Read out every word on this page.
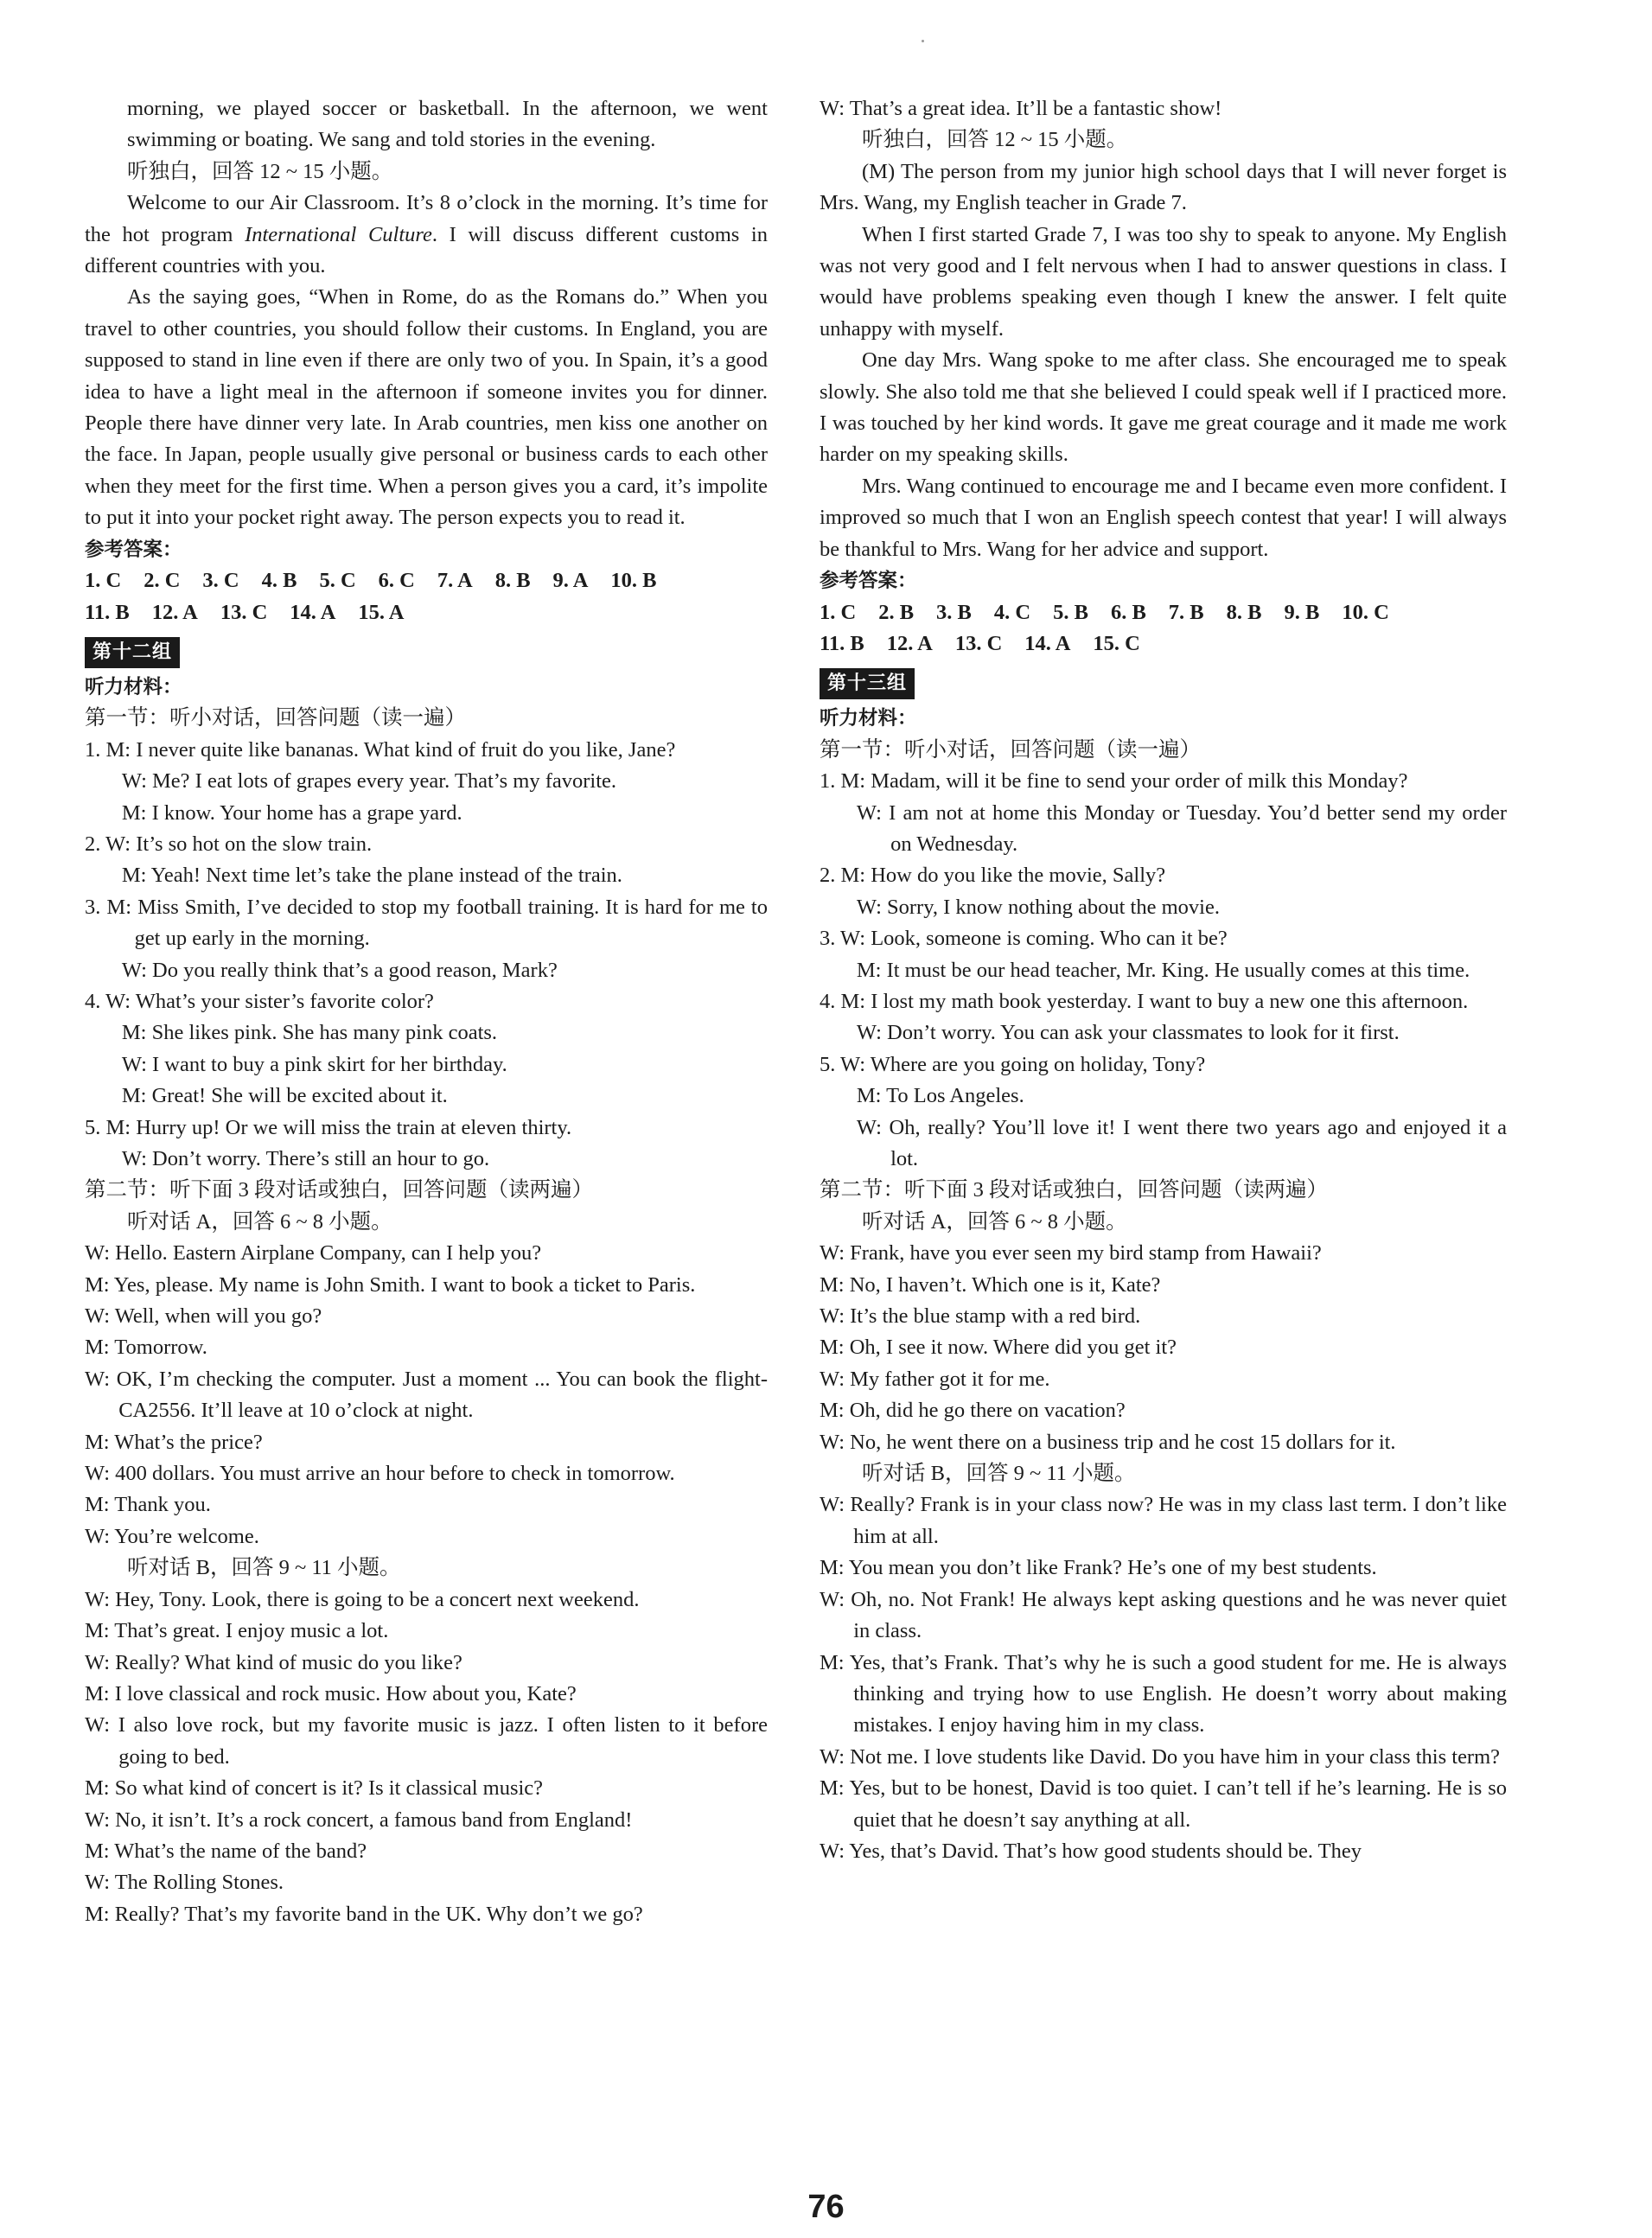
morning, we played soccer or basketball. In the afternoon, we went swimming or boating. We sang and told stories in the evening.

听独白，回答 12 ~ 15 小题。

Welcome to our Air Classroom. It’s 8 o’clock in the morning. It’s time for the hot program International Culture. I will discuss different customs in different countries with you.

As the saying goes, “When in Rome, do as the Romans do.” When you travel to other countries, you should follow their customs. In England, you are supposed to stand in line even if there are only two of you. In Spain, it’s a good idea to have a light meal in the afternoon if someone invites you for dinner. People there have dinner very late. In Arab countries, men kiss one another on the face. In Japan, people usually give personal or business cards to each other when they meet for the first time. When a person gives you a card, it’s impolite to put it into your pocket right away. The person expects you to read it.

参考答案：

1. C 2. C 3. C 4. B 5. C 6. C 7. A 8. B 9. A 10. B
11. B 12. A 13. C 14. A 15. A
第十二组

听力材料：

第一节：听小对话，回答问题（读一遍）

1. M: I never quite like bananas. What kind of fruit do you like, Jane?

W: Me? I eat lots of grapes every year. That’s my favorite.

M: I know. Your home has a grape yard.

2. W: It’s so hot on the slow train.

M: Yeah! Next time let’s take the plane instead of the train.

3. M: Miss Smith, I’ve decided to stop my football training. It is hard for me to get up early in the morning.

W: Do you really think that’s a good reason, Mark?

4. W: What’s your sister’s favorite color?

M: She likes pink. She has many pink coats.

W: I want to buy a pink skirt for her birthday.

M: Great! She will be excited about it.

5. M: Hurry up! Or we will miss the train at eleven thirty.

W: Don’t worry. There’s still an hour to go.

第二节：听下面 3 段对话或独白，回答问题（读两遍）

听对话 A，回答 6 ~ 8 小题。

W: Hello. Eastern Airplane Company, can I help you?

M: Yes, please. My name is John Smith. I want to book a ticket to Paris.

W: Well, when will you go?

M: Tomorrow.

W: OK, I’m checking the computer. Just a moment ... You can book the flight-CA2556. It’ll leave at 10 o’clock at night.

M: What’s the price?

W: 400 dollars. You must arrive an hour before to check in tomorrow.

M: Thank you.

W: You’re welcome.

听对话 B，回答 9 ~ 11 小题。

W: Hey, Tony. Look, there is going to be a concert next weekend.

M: That’s great. I enjoy music a lot.

W: Really? What kind of music do you like?

M: I love classical and rock music. How about you, Kate?

W: I also love rock, but my favorite music is jazz. I often listen to it before going to bed.

M: So what kind of concert is it? Is it classical music?

W: No, it isn’t. It’s a rock concert, a famous band from England!

M: What’s the name of the band?

W: The Rolling Stones.

M: Really? That’s my favorite band in the UK. Why don’t we go?

W: That’s a great idea. It’ll be a fantastic show!

听独白，回答 12 ~ 15 小题。

(M) The person from my junior high school days that I will never forget is Mrs. Wang, my English teacher in Grade 7.

When I first started Grade 7, I was too shy to speak to anyone. My English was not very good and I felt nervous when I had to answer questions in class. I would have problems speaking even though I knew the answer. I felt quite unhappy with myself.

One day Mrs. Wang spoke to me after class. She encouraged me to speak slowly. She also told me that she believed I could speak well if I practiced more. I was touched by her kind words. It gave me great courage and it made me work harder on my speaking skills.

Mrs. Wang continued to encourage me and I became even more confident. I improved so much that I won an English speech contest that year! I will always be thankful to Mrs. Wang for her advice and support.

参考答案：

1. C 2. B 3. B 4. C 5. B 6. B 7. B 8. B 9. B 10. C
11. B 12. A 13. C 14. A 15. C
第十三组

听力材料：

第一节：听小对话，回答问题（读一遍）

1. M: Madam, will it be fine to send your order of milk this Monday?

W: I am not at home this Monday or Tuesday. You’d better send my order on Wednesday.

2. M: How do you like the movie, Sally?

W: Sorry, I know nothing about the movie.

3. W: Look, someone is coming. Who can it be?

M: It must be our head teacher, Mr. King. He usually comes at this time.

4. M: I lost my math book yesterday. I want to buy a new one this afternoon.

W: Don’t worry. You can ask your classmates to look for it first.

5. W: Where are you going on holiday, Tony?

M: To Los Angeles.

W: Oh, really? You’ll love it! I went there two years ago and enjoyed it a lot.

第二节：听下面 3 段对话或独白，回答问题（读两遍）

听对话 A，回答 6 ~ 8 小题。

W: Frank, have you ever seen my bird stamp from Hawaii?

M: No, I haven’t. Which one is it, Kate?

W: It’s the blue stamp with a red bird.

M: Oh, I see it now. Where did you get it?

W: My father got it for me.

M: Oh, did he go there on vacation?

W: No, he went there on a business trip and he cost 15 dollars for it.

听对话 B，回答 9 ~ 11 小题。

W: Really? Frank is in your class now? He was in my class last term. I don’t like him at all.

M: You mean you don’t like Frank? He’s one of my best students.

W: Oh, no. Not Frank! He always kept asking questions and he was never quiet in class.

M: Yes, that’s Frank. That’s why he is such a good student for me. He is always thinking and trying how to use English. He doesn’t worry about making mistakes. I enjoy having him in my class.

W: Not me. I love students like David. Do you have him in your class this term?

M: Yes, but to be honest, David is too quiet. I can’t tell if he’s learning. He is so quiet that he doesn’t say anything at all.

W: Yes, that’s David. That’s how good students should be. They

76
